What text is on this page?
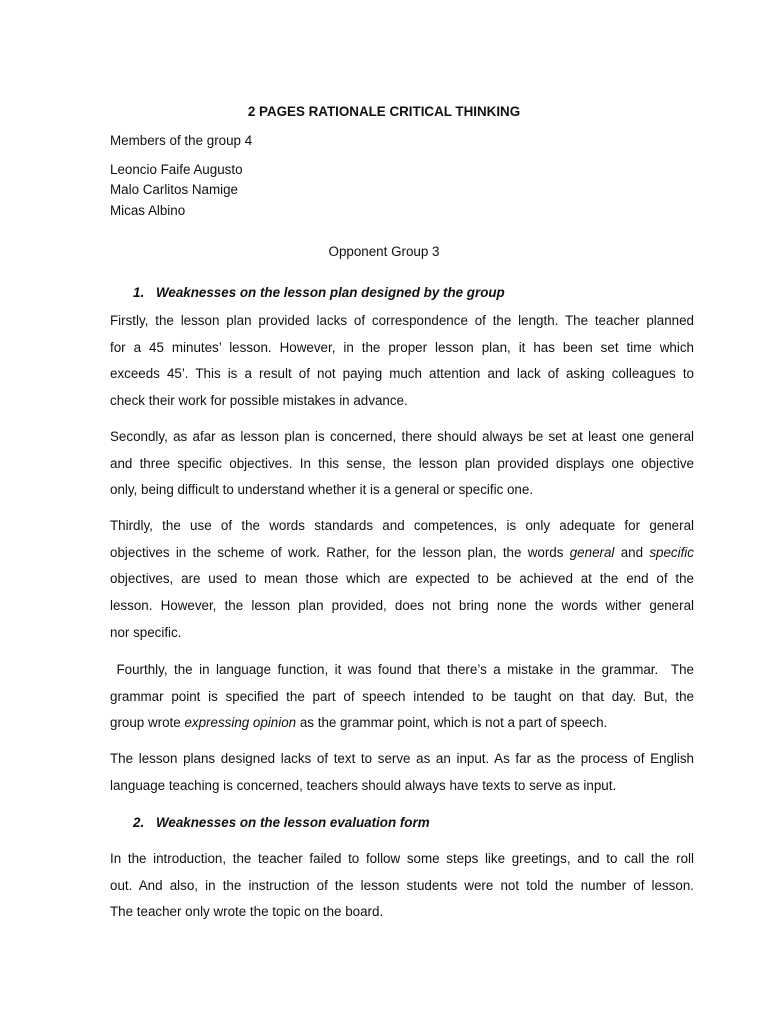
2 PAGES RATIONALE CRITICAL THINKING
Members of the group 4
Leoncio Faife Augusto
Malo Carlitos Namige
Micas Albino
Opponent Group 3
1. Weaknesses on the lesson plan designed by the group
Firstly, the lesson plan provided lacks of correspondence of the length. The teacher planned
for a 45 minutes’ lesson. However, in the proper lesson plan, it has been set time which
exceeds 45’. This is a result of not paying much attention and lack of asking colleagues to
check their work for possible mistakes in advance.
Secondly, as afar as lesson plan is concerned, there should always be set at least one general
and three specific objectives. In this sense, the lesson plan provided displays one objective
only, being difficult to understand whether it is a general or specific one.
Thirdly, the use of the words standards and competences, is only adequate for general
objectives in the scheme of work. Rather, for the lesson plan, the words general and specific
objectives, are used to mean those which are expected to be achieved at the end of the
lesson. However, the lesson plan provided, does not bring none the words wither general
nor specific.
Fourthly, the in language function, it was found that there’s a mistake in the grammar.  The
grammar point is specified the part of speech intended to be taught on that day. But, the
group wrote expressing opinion as the grammar point, which is not a part of speech.
The lesson plans designed lacks of text to serve as an input. As far as the process of English
language teaching is concerned, teachers should always have texts to serve as input.
2. Weaknesses on the lesson evaluation form
In the introduction, the teacher failed to follow some steps like greetings, and to call the roll
out. And also, in the instruction of the lesson students were not told the number of lesson.
The teacher only wrote the topic on the board.
